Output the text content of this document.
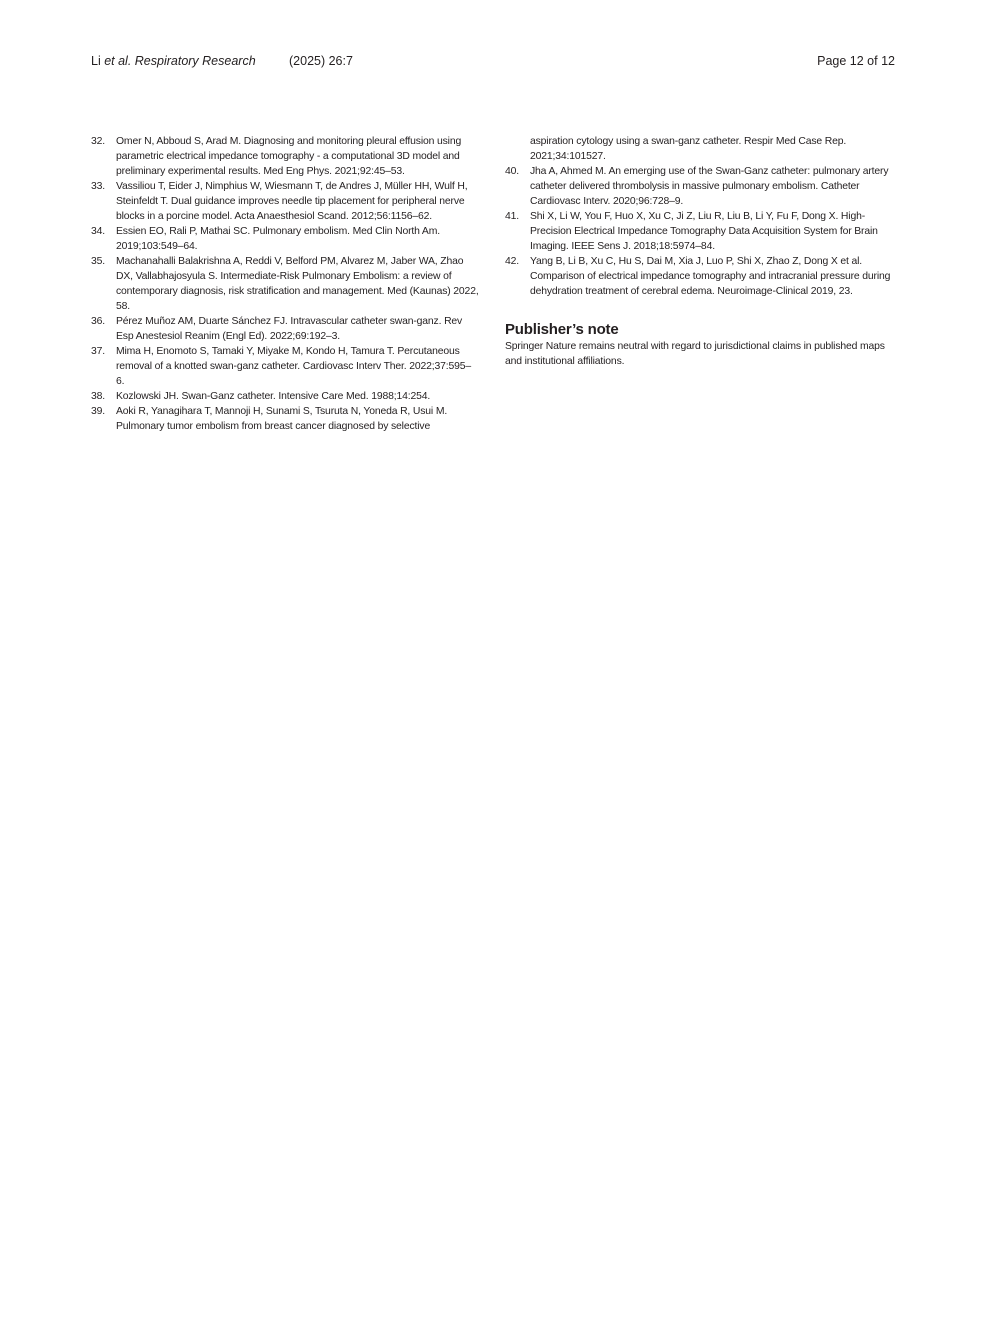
Li et al. Respiratory Research	(2025) 26:7	Page 12 of 12
32. Omer N, Abboud S, Arad M. Diagnosing and monitoring pleural effusion using parametric electrical impedance tomography - a computational 3D model and preliminary experimental results. Med Eng Phys. 2021;92:45–53.
33. Vassiliou T, Eider J, Nimphius W, Wiesmann T, de Andres J, Müller HH, Wulf H, Steinfeldt T. Dual guidance improves needle tip placement for peripheral nerve blocks in a porcine model. Acta Anaesthesiol Scand. 2012;56:1156–62.
34. Essien EO, Rali P, Mathai SC. Pulmonary embolism. Med Clin North Am. 2019;103:549–64.
35. Machanahalli Balakrishna A, Reddi V, Belford PM, Alvarez M, Jaber WA, Zhao DX, Vallabhajosyula S. Intermediate-Risk Pulmonary Embolism: a review of contemporary diagnosis, risk stratification and management. Med (Kaunas) 2022, 58.
36. Pérez Muñoz AM, Duarte Sánchez FJ. Intravascular catheter swan-ganz. Rev Esp Anestesiol Reanim (Engl Ed). 2022;69:192–3.
37. Mima H, Enomoto S, Tamaki Y, Miyake M, Kondo H, Tamura T. Percutaneous removal of a knotted swan-ganz catheter. Cardiovasc Interv Ther. 2022;37:595–6.
38. Kozlowski JH. Swan-Ganz catheter. Intensive Care Med. 1988;14:254.
39. Aoki R, Yanagihara T, Mannoji H, Sunami S, Tsuruta N, Yoneda R, Usui M. Pulmonary tumor embolism from breast cancer diagnosed by selective
aspiration cytology using a swan-ganz catheter. Respir Med Case Rep. 2021;34:101527.
40. Jha A, Ahmed M. An emerging use of the Swan-Ganz catheter: pulmonary artery catheter delivered thrombolysis in massive pulmonary embolism. Catheter Cardiovasc Interv. 2020;96:728–9.
41. Shi X, Li W, You F, Huo X, Xu C, Ji Z, Liu R, Liu B, Li Y, Fu F, Dong X. High-Precision Electrical Impedance Tomography Data Acquisition System for Brain Imaging. IEEE Sens J. 2018;18:5974–84.
42. Yang B, Li B, Xu C, Hu S, Dai M, Xia J, Luo P, Shi X, Zhao Z, Dong X et al. Comparison of electrical impedance tomography and intracranial pressure during dehydration treatment of cerebral edema. Neuroimage-Clinical 2019, 23.
Publisher’s note
Springer Nature remains neutral with regard to jurisdictional claims in published maps and institutional affiliations.
